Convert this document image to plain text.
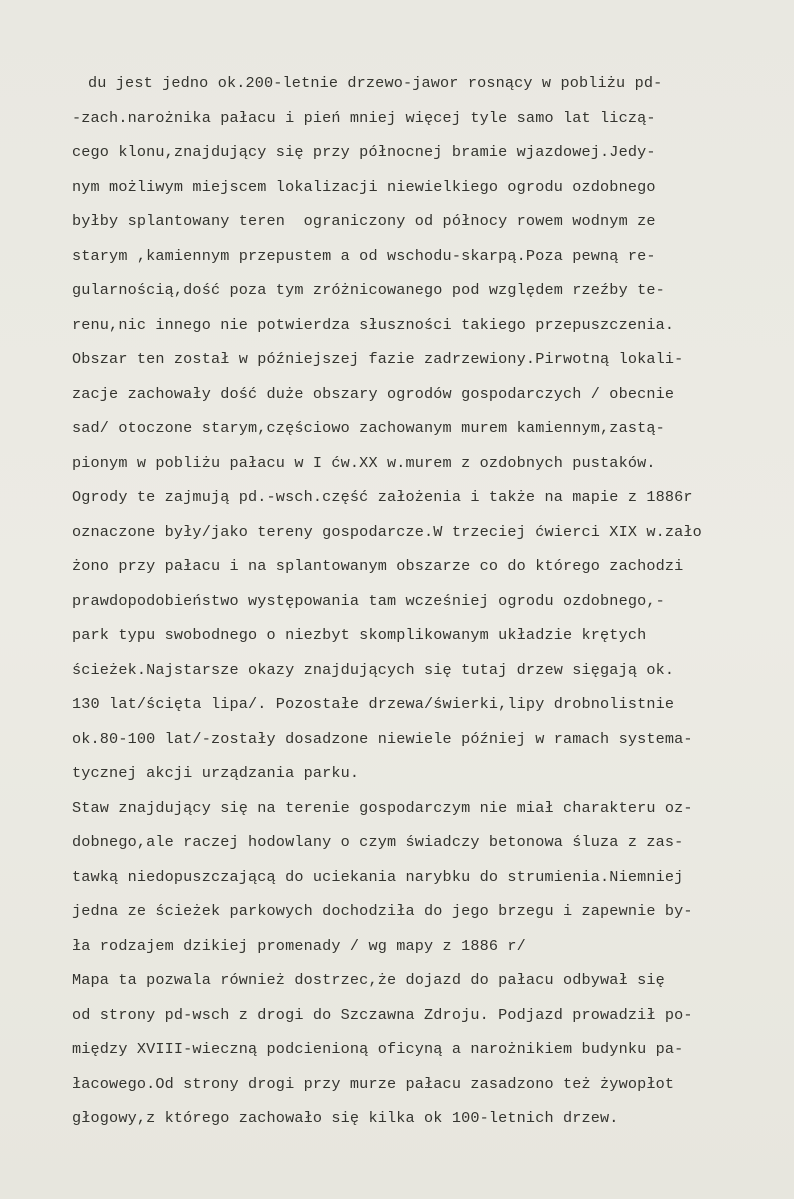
du jest jedno ok.200-letnie drzewo-jawor rosnący w pobliżu pd-
-zach.narożnika pałacu i pień mniej więcej tyle samo lat liczą-
cego klonu,znajdujący się przy północnej bramie wjazdowej.Jedy-
nym możliwym miejscem lokalizacji niewielkiego ogrodu ozdobnego
byłby splantowany teren  ograniczony od północy rowem wodnym ze
starym ,kamiennym przepustem a od wschodu-skarpą.Poza pewną re-
gularnością,dość poza tym zróżnicowanego pod względem rzeźby te-
renu,nic innego nie potwierdza słuszności takiego przepuszczenia.
Obszar ten został w późniejszej fazie zadrzewiony.Pirwotną lokali-
zacje zachowały dość duże obszary ogrodów gospodarczych / obecnie
sad/ otoczone starym,częściowo zachowanym murem kamiennym,zastą-
pionym w pobliżu pałacu w I ćw.XX w.murem z ozdobnych pustaków.
Ogrody te zajmują pd.-wsch.część założenia i także na mapie z 1886r
oznaczone były/jako tereny gospodarcze.W trzeciej ćwierci XIX w.zało
żono przy pałacu i na splantowanym obszarze co do którego zachodzi
prawdopodobieństwo występowania tam wcześniej ogrodu ozdobnego,-
park typu swobodnego o niezbyt skomplikowanym układzie krętych
ścieżek.Najstarsze okazy znajdujących się tutaj drzew sięgają ok.
130 lat/ścięta lipa/. Pozostałe drzewa/świerki,lipy drobnolistnie
ok.80-100 lat/-zostały dosadzone niewiele później w ramach systema-
tycznej akcji urządzania parku.
Staw znajdujący się na terenie gospodarczym nie miał charakteru oz-
dobnego,ale raczej hodowlany o czym świadczy betonowa śluza z zas-
tawką niedopuszczającą do uciekania narybku do strumienia.Niemniej
jedna ze ścieżek parkowych dochodziła do jego brzegu i zapewnie by-
ła rodzajem dzikiej promenady / wg mapy z 1886 r/
Mapa ta pozwala również dostrzec,że dojazd do pałacu odbywał się
od strony pd-wsch z drogi do Szczawna Zdroju. Podjazd prowadził po-
między XVIII-wieczną podcienioną oficyną a narożnikiem budynku pa-
łacowego.Od strony drogi przy murze pałacu zasadzono też żywopłot
głogowy,z którego zachowało się kilka ok 100-letnich drzew.
